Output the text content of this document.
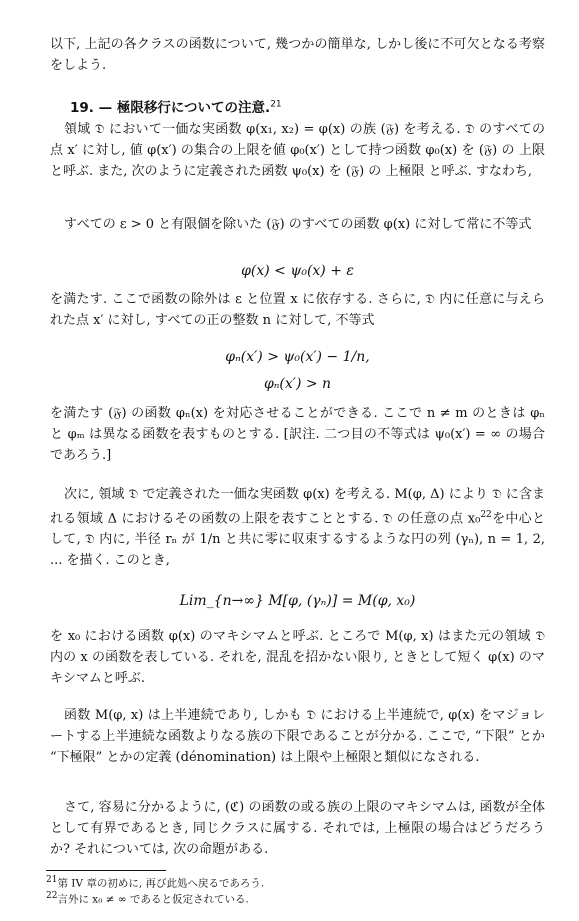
以下, 上記の各クラスの函数について, 幾つかの簡単な, しかし後に不可欠となる考察をしよう.

19. — 極限移行についての注意.$^{21}$

領域 𝔇 において一価な実函数 φ(x₁, x₂) = φ(x) の族 (𝔉) を考える. 𝔇 のすべての点 x′ に対し, 値 φ(x′) の集合の上限を値 φ₀(x′) として持つ函数 φ₀(x) を (𝔉) の 上限 と呼ぶ. また, 次のように定義された函数 ψ₀(x) を (𝔉) の 上極限 と呼ぶ. すなわち,

すべての ε > 0 と有限個を除いた (𝔉) のすべての函数 φ(x) に対して常に不等式

φ(x) < ψ₀(x) + ε

を満たす. ここで函数の除外は ε と位置 x に依存する. さらに, 𝔇 内に任意に与えられた点 x′ に対し, すべての正の整数 n に対して, 不等式

φₙ(x′) > ψ₀(x′) − 1/n,
φₙ(x′) > n

を満たす (𝔉) の函数 φₙ(x) を対応させることができる. ここで n ≠ m のときは φₙ と φₘ は異なる函数を表すものとする. [訳注. 二つ目の不等式は ψ₀(x′) = ∞ の場合であろう.]

次に, 領域 𝔇 で定義された一価な実函数 φ(x) を考える. M(φ, Δ) により 𝔇 に含まれる領域 Δ におけるその函数の上限を表すこととする. 𝔇 の任意の点 x₀$^{22}$を中心として, 𝔇 内に, 半径 rₙ が 1/n と共に零に収束するするような円の列 (γₙ), n = 1, 2, ... を描く. このとき,

Lim_{n→∞} M[φ, (γₙ)] = M(φ, x₀)

を x₀ における函数 φ(x) のマキシマムと呼ぶ. ところで M(φ, x) はまた元の領域 𝔇 内の x の函数を表している. それを, 混乱を招かない限り, ときとして短く φ(x) のマキシマムと呼ぶ.

函数 M(φ, x) は上半連続であり, しかも 𝔇 における上半連続で, φ(x) をマジョレートする上半連続な函数よりなる族の下限であることが分かる. ここで, “下限” とか “下極限” とかの定義 (dénomination) は上限や上極限と類似になされる.

さて, 容易に分かるように, (ℭ) の函数の或る族の上限のマキシマムは, 函数が全体として有界であるとき, 同じクラスに属する. それでは, 上極限の場合はどうだろうか? それについては, 次の命題がある.

21第 IV 章の初めに, 再び此処へ戻るであろう.
22言外に x₀ ≠ ∞ であると仮定されている.
